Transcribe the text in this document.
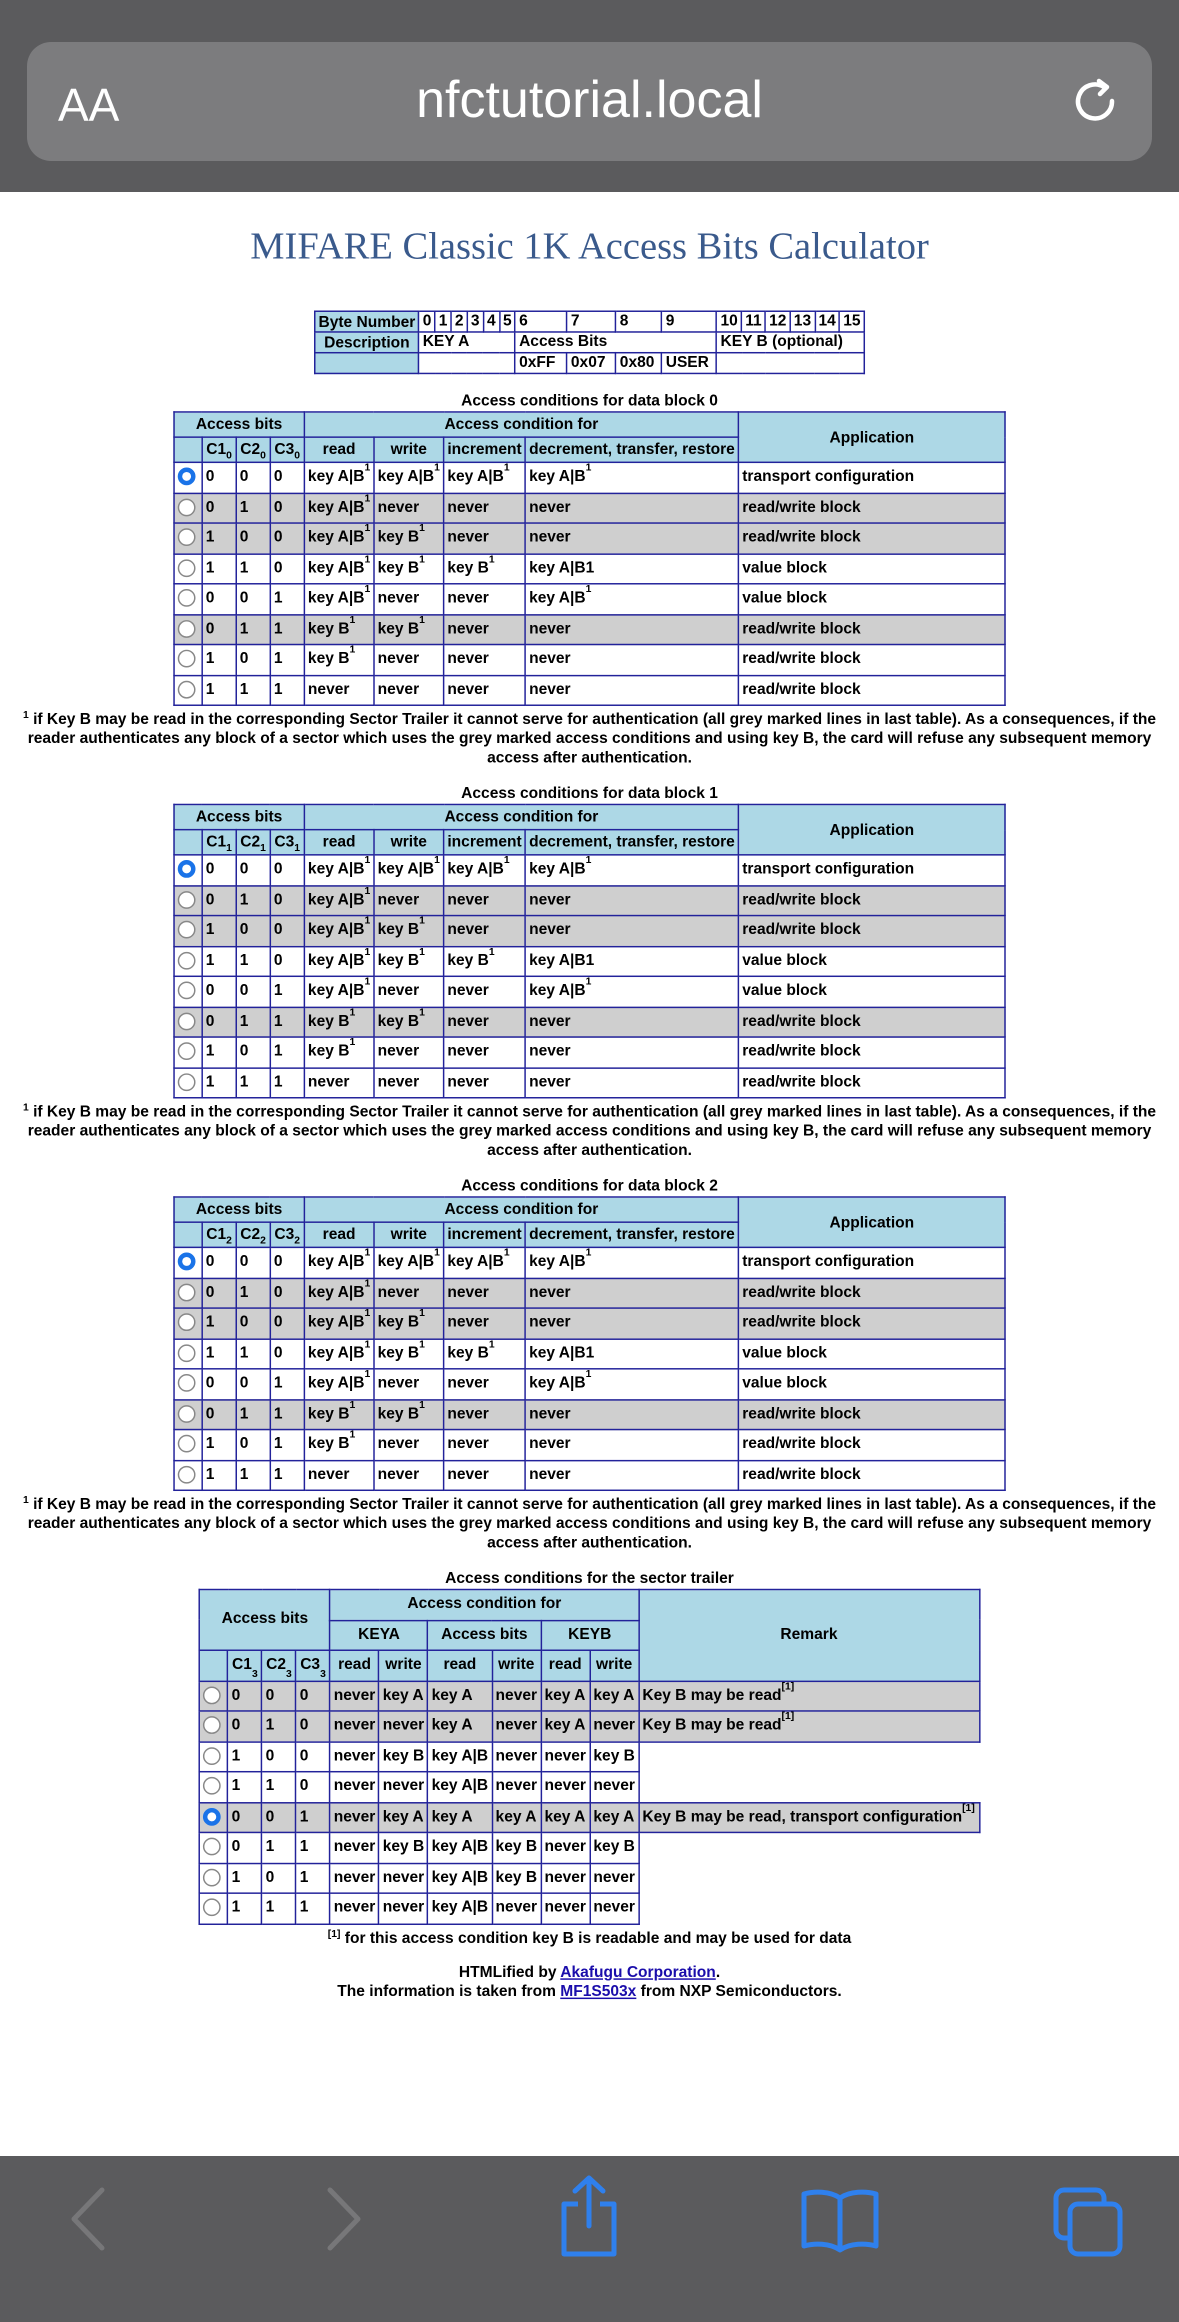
AA	nfctutorial.local
MIFARE Classic 1K Access Bits Calculator
Byte Number	0	1	2	3	4	5	6	7	8	9	10	11	12	13	14	15
Description	KEY A						Access Bits				KEY B (optional)					
							0xFF	0x07	0x80	USER						
Access conditions for data block 0
Access bits				Access condition for				Application
	C10	C20	C30	read	write	increment	decrement, transfer, restore	
	0	0	0	key $A|B^1$	key $A|B^1$	key $A|B^1$	key $A|B^1$	transport configuration
	0	1	0	key $A|B^1$	never	never	never	read/write block
	1	0	0	key $A|B^1$	key $B^1$	never	never	read/write block
	1	1	0	key $A|B^1$	key $B^1$	key $B^1$	key A|B1	value block
	0	0	1	key $A|B^1$	never	never	key $A|B^1$	value block
	0	1	1	key $B^1$	key $B^1$	never	never	read/write block
	1	0	1	key $B^1$	never	never	never	read/write block
	1	1	1	never	never	never	never	read/write block
$^1$ if Key B may be read in the corresponding Sector Trailer it cannot serve for authentication (all grey marked lines in last table). As a consequences, if the reader authenticates any block of a sector which uses the grey marked access conditions and using key B, the card will refuse any subsequent memory access after authentication.
Access conditions for data block 1
Access bits				Access condition for				Application
	C11	C21	C31	read	write	increment	decrement, transfer, restore	
	0	0	0	key $A|B^1$	key $A|B^1$	key $A|B^1$	key $A|B^1$	transport configuration
	0	1	0	key $A|B^1$	never	never	never	read/write block
	1	0	0	key $A|B^1$	key $B^1$	never	never	read/write block
	1	1	0	key $A|B^1$	key $B^1$	key $B^1$	key A|B1	value block
	0	0	1	key $A|B^1$	never	never	key $A|B^1$	value block
	0	1	1	key $B^1$	key $B^1$	never	never	read/write block
	1	0	1	key $B^1$	never	never	never	read/write block
	1	1	1	never	never	never	never	read/write block
$^1$ if Key B may be read in the corresponding Sector Trailer it cannot serve for authentication (all grey marked lines in last table). As a consequences, if the reader authenticates any block of a sector which uses the grey marked access conditions and using key B, the card will refuse any subsequent memory access after authentication.
Access conditions for data block 2
Access bits				Access condition for				Application
	C12	C22	C32	read	write	increment	decrement, transfer, restore	
	0	0	0	key $A|B^1$	key $A|B^1$	key $A|B^1$	key $A|B^1$	transport configuration
	0	1	0	key $A|B^1$	never	never	never	read/write block
	1	0	0	key $A|B^1$	key $B^1$	never	never	read/write block
	1	1	0	key $A|B^1$	key $B^1$	key $B^1$	key A|B1	value block
	0	0	1	key $A|B^1$	never	never	key $A|B^1$	value block
	0	1	1	key $B^1$	key $B^1$	never	never	read/write block
	1	0	1	key $B^1$	never	never	never	read/write block
	1	1	1	never	never	never	never	read/write block
$^1$ if Key B may be read in the corresponding Sector Trailer it cannot serve for authentication (all grey marked lines in last table). As a consequences, if the reader authenticates any block of a sector which uses the grey marked access conditions and using key B, the card will refuse any subsequent memory access after authentication.
Access conditions for the sector trailer
Access bits				Access condition for						Remark
				KEYA		Access bits		KEYB		
	C13	C23	C33	read	write	read	write	read	write	
	0	0	0	never	key A	key A	never	key A	key A	Key B may be read[1]
	0	1	0	never	never	key A	never	key A	never	Key B may be read[1]
	1	0	0	never	key B	key A|B	never	never	key B	
	1	1	0	never	never	key A|B	never	never	never	
	0	0	1	never	key A	key A	key A	key A	key A	Key B may be read, transport configuration[1]
	0	1	1	never	key B	key A|B	key B	never	key B	
	1	0	1	never	never	key A|B	key B	never	never	
	1	1	1	never	never	key A|B	never	never	never	
[1] for this access condition key B is readable and may be used for data
HTMLified by Akafugu Corporation.
The information is taken from MF1S503x from NXP Semiconductors.
